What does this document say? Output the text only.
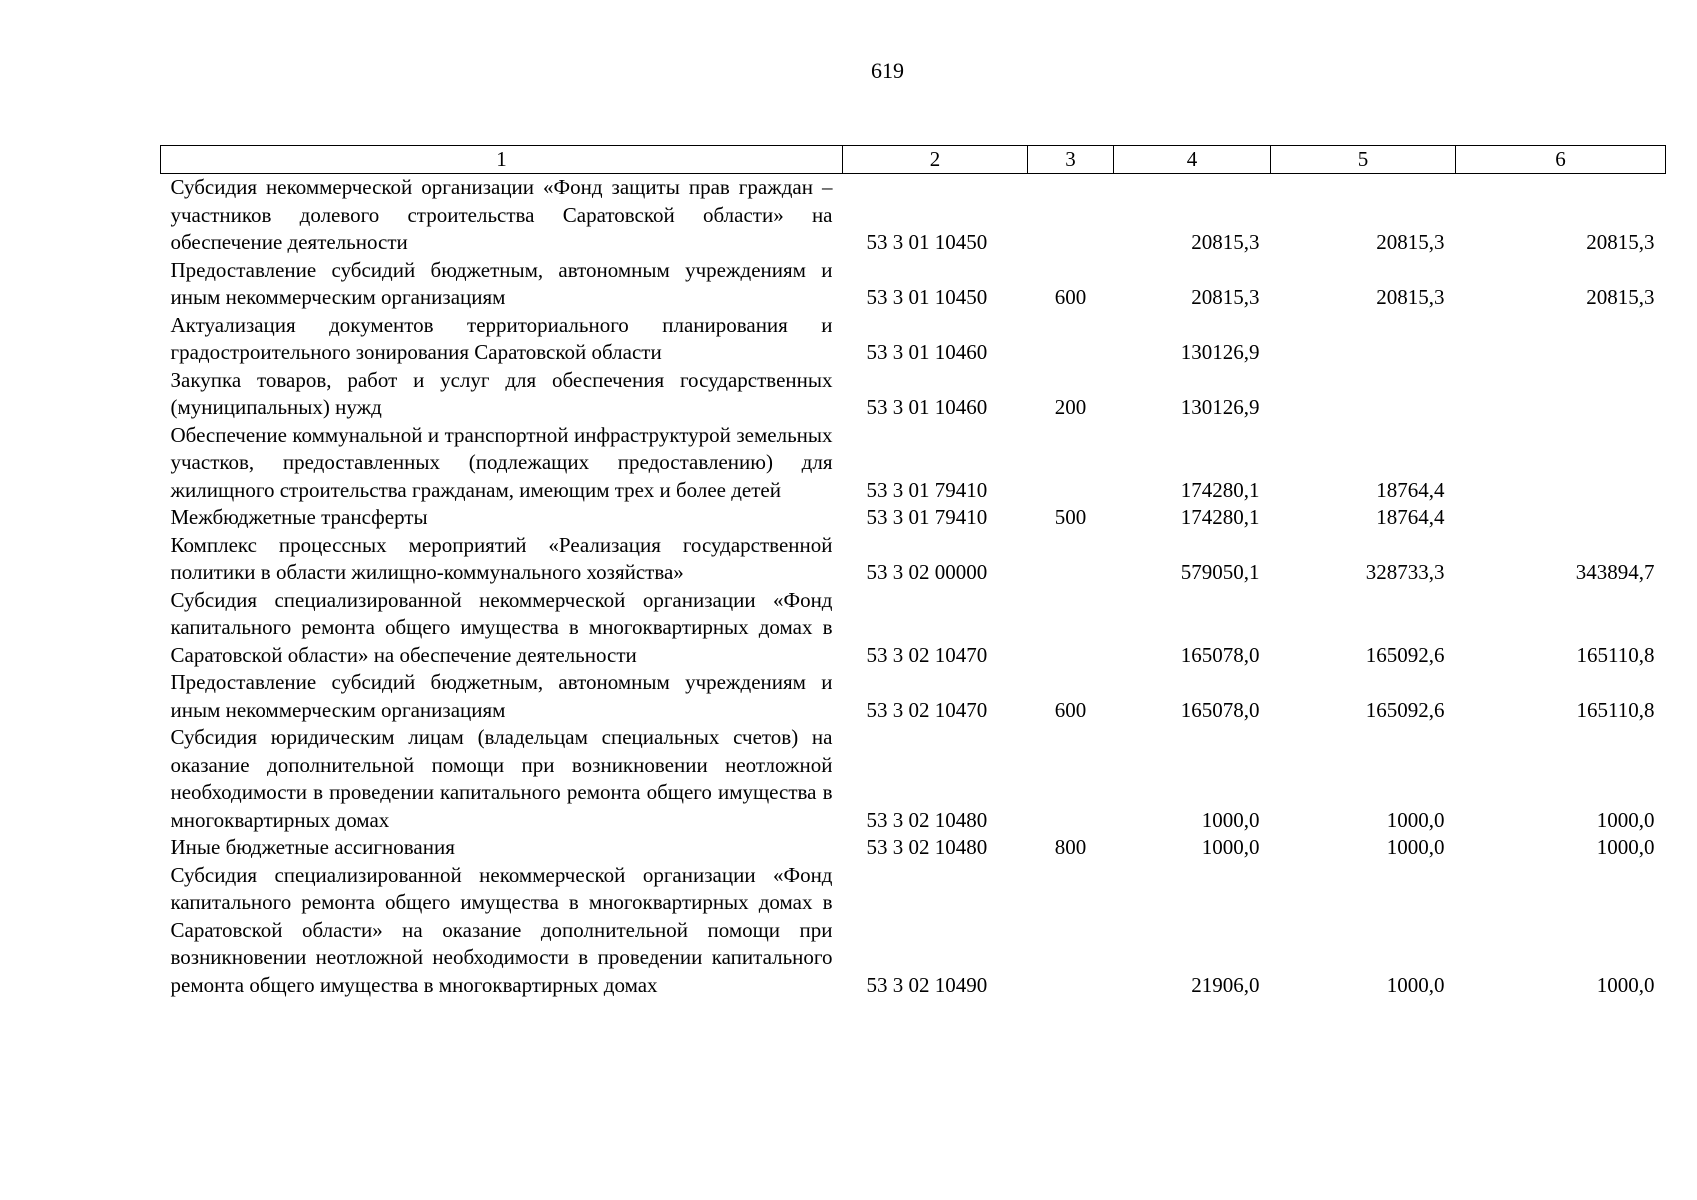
619
1	2	3	4	5	6
Субсидия некоммерческой организации «Фонд защиты прав граждан – участников долевого строительства Саратовской области» на обеспечение деятельности	53 3 01 10450		20815,3	20815,3	20815,3
Предоставление субсидий бюджетным, автономным учреждениям и иным некоммерческим организациям	53 3 01 10450	600	20815,3	20815,3	20815,3
Актуализация документов территориального планирования и градостроительного зонирования Саратовской области	53 3 01 10460		130126,9		
Закупка товаров, работ и услуг для обеспечения государственных (муниципальных) нужд	53 3 01 10460	200	130126,9		
Обеспечение коммунальной и транспортной инфраструктурой земельных участков, предоставленных (подлежащих предоставлению) для жилищного строительства гражданам, имеющим трех и более детей	53 3 01 79410		174280,1	18764,4	
Межбюджетные трансферты	53 3 01 79410	500	174280,1	18764,4	
Комплекс процессных мероприятий «Реализация государственной политики в области жилищно-коммунального хозяйства»	53 3 02 00000		579050,1	328733,3	343894,7
Субсидия специализированной некоммерческой организации «Фонд капитального ремонта общего имущества в многоквартирных домах в Саратовской области» на обеспечение деятельности	53 3 02 10470		165078,0	165092,6	165110,8
Предоставление субсидий бюджетным, автономным учреждениям и иным некоммерческим организациям	53 3 02 10470	600	165078,0	165092,6	165110,8
Субсидия юридическим лицам (владельцам специальных счетов) на оказание дополнительной помощи при возникновении неотложной необходимости в проведении капитального ремонта общего имущества в многоквартирных домах	53 3 02 10480		1000,0	1000,0	1000,0
Иные бюджетные ассигнования	53 3 02 10480	800	1000,0	1000,0	1000,0
Субсидия специализированной некоммерческой организации «Фонд капитального ремонта общего имущества в многоквартирных домах в Саратовской области» на оказание дополнительной помощи при возникновении неотложной необходимости в проведении капитального ремонта общего имущества в многоквартирных домах	53 3 02 10490		21906,0	1000,0	1000,0
